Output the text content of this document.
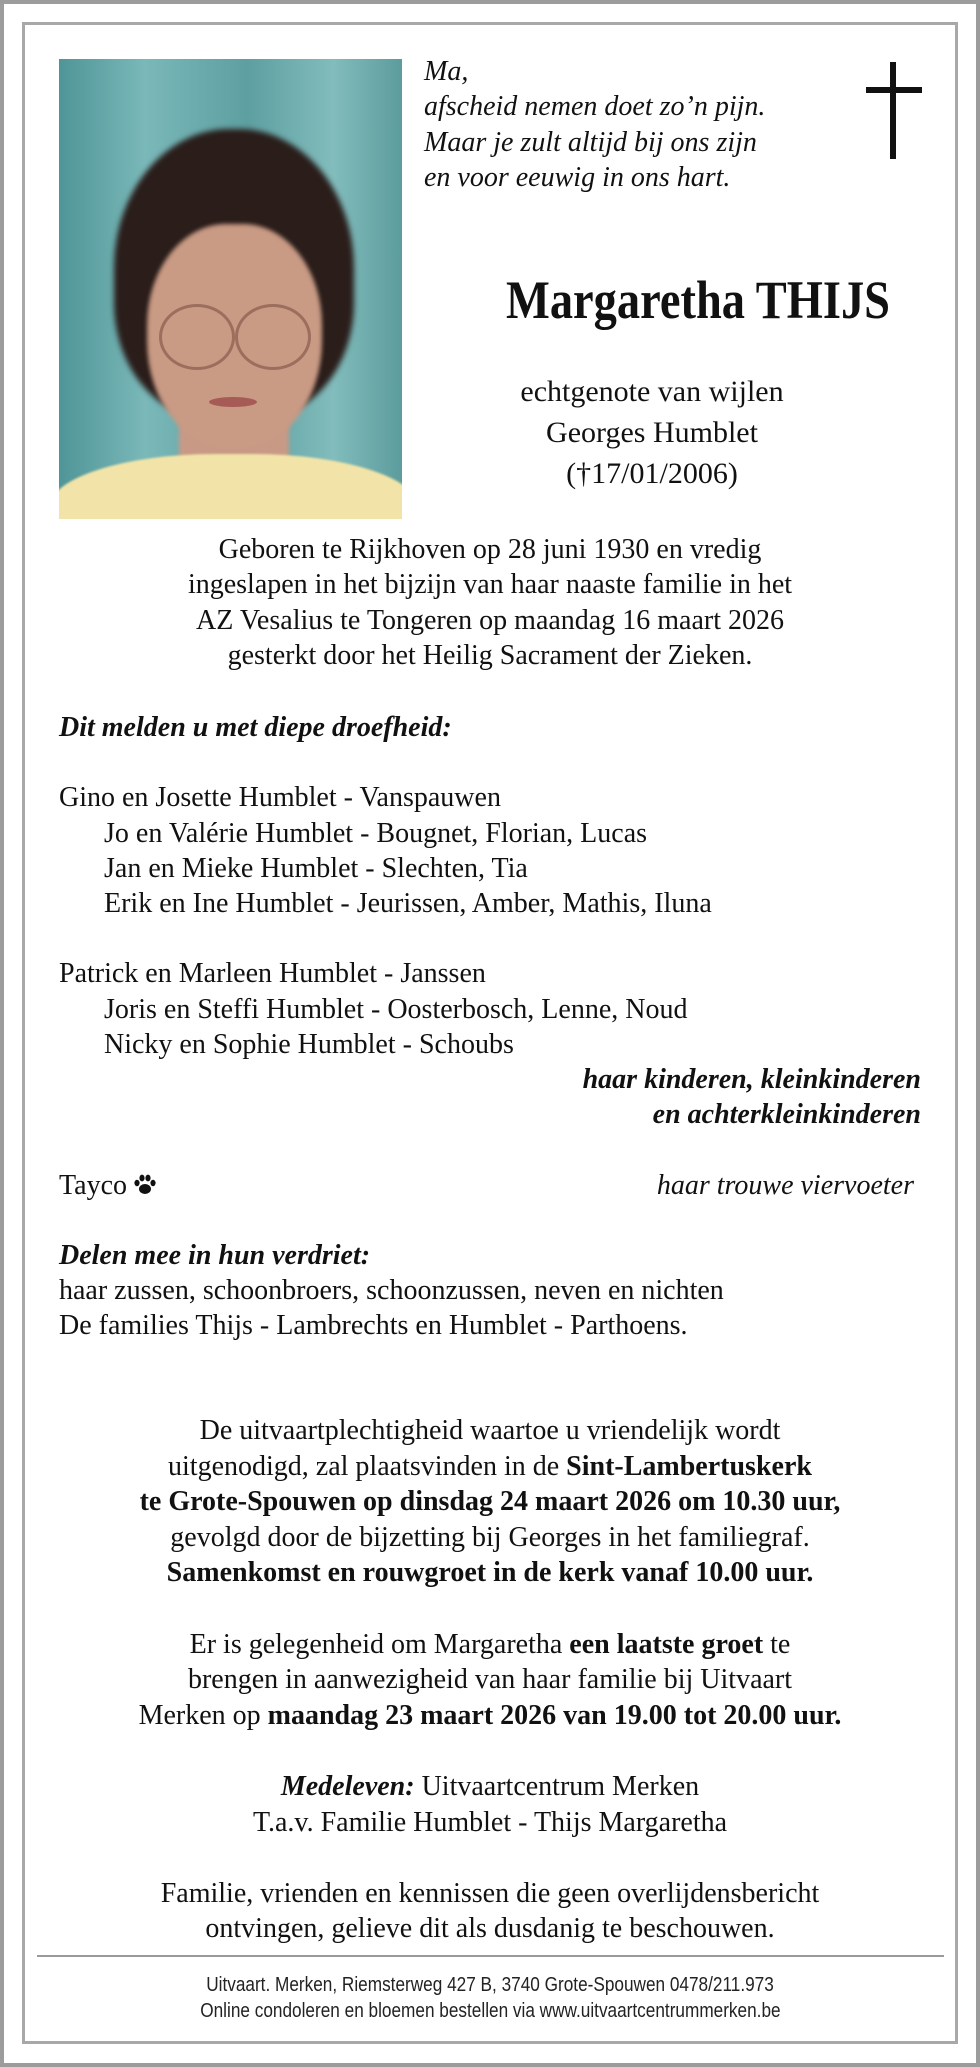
Ma,
afscheid nemen doet zo’n pijn.
Maar je zult altijd bij ons zijn
en voor eeuwig in ons hart.
Margaretha THIJS
echtgenote van wijlen
Georges Humblet
(†17/01/2006)
Geboren te Rijkhoven op 28 juni 1930 en vredig
ingeslapen in het bijzijn van haar naaste familie in het
AZ Vesalius te Tongeren op maandag 16 maart 2026
gesterkt door het Heilig Sacrament der Zieken.
Dit melden u met diepe droefheid:

Gino en Josette Humblet - Vanspauwen
Jo en Valérie Humblet - Bougnet, Florian, Lucas
Jan en Mieke Humblet - Slechten, Tia
Erik en Ine Humblet - Jeurissen, Amber, Mathis, Iluna

Patrick en Marleen Humblet - Janssen
Joris en Steffi Humblet - Oosterbosch, Lenne, Noud
Nicky en Sophie Humblet - Schoubs
haar kinderen, kleinkinderen
en achterkleinkinderen

Tayco	haar trouwe viervoeter

Delen mee in hun verdriet:
haar zussen, schoonbroers, schoonzussen, neven en nichten
De families Thijs - Lambrechts en Humblet - Parthoens.
De uitvaartplechtigheid waartoe u vriendelijk wordt
uitgenodigd, zal plaatsvinden in de Sint-Lambertuskerk
te Grote-Spouwen op dinsdag 24 maart 2026 om 10.30 uur,
gevolgd door de bijzetting bij Georges in het familiegraf.
Samenkomst en rouwgroet in de kerk vanaf 10.00 uur.

Er is gelegenheid om Margaretha een laatste groet te
brengen in aanwezigheid van haar familie bij Uitvaart
Merken op maandag 23 maart 2026 van 19.00 tot 20.00 uur.

Medeleven: Uitvaartcentrum Merken
T.a.v. Familie Humblet - Thijs Margaretha

Familie, vrienden en kennissen die geen overlijdensbericht
ontvingen, gelieve dit als dusdanig te beschouwen.
Uitvaart. Merken, Riemsterweg 427 B, 3740 Grote-Spouwen 0478/211.973
Online condoleren en bloemen bestellen via www.uitvaartcentrummerken.be
